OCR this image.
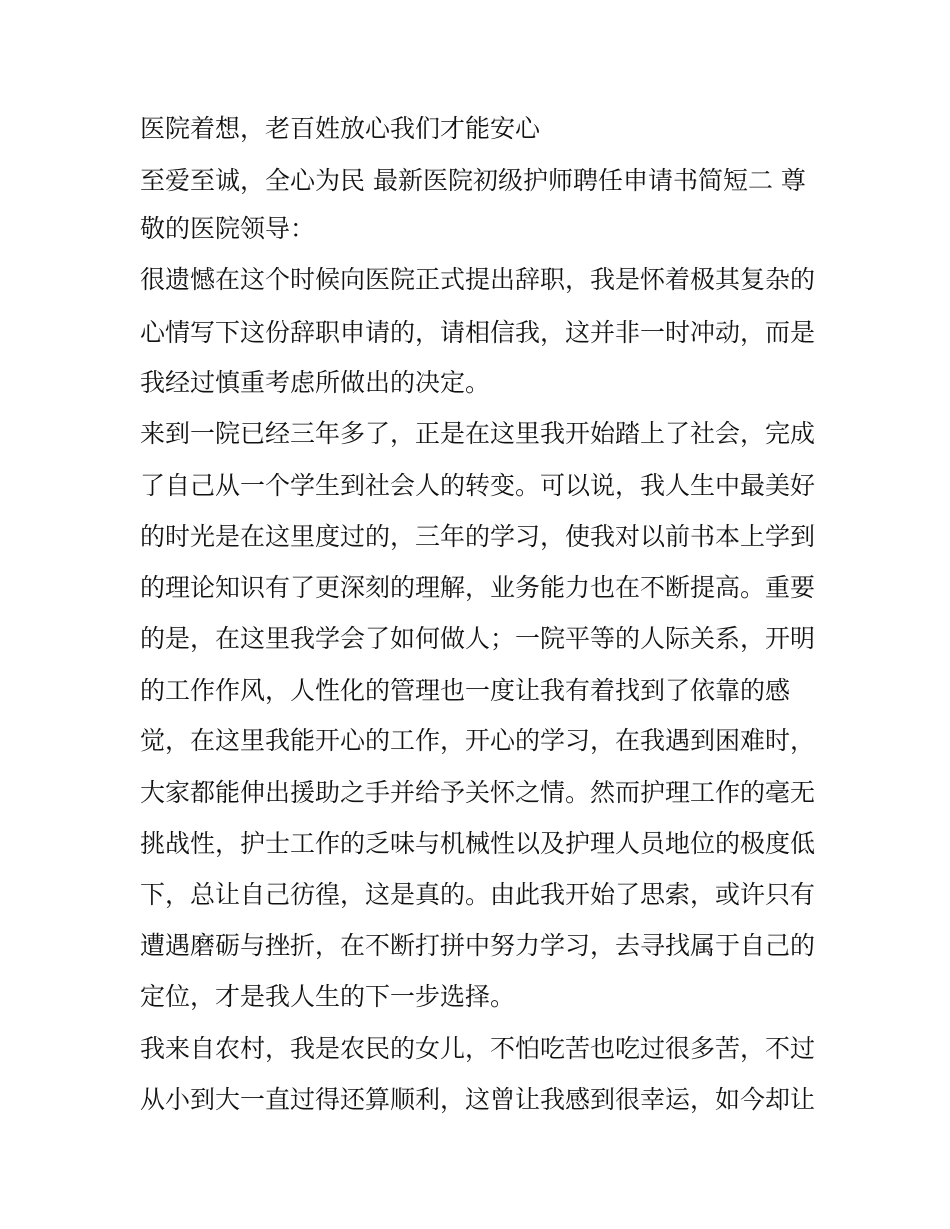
医院着想，老百姓放心我们才能安心
至爱至诚，全心为民 最新医院初级护师聘任申请书简短二 尊
敬的医院领导：
很遗憾在这个时候向医院正式提出辞职，我是怀着极其复杂的
心情写下这份辞职申请的，请相信我，这并非一时冲动，而是
我经过慎重考虑所做出的决定。
来到一院已经三年多了，正是在这里我开始踏上了社会，完成
了自己从一个学生到社会人的转变。可以说，我人生中最美好
的时光是在这里度过的，三年的学习，使我对以前书本上学到
的理论知识有了更深刻的理解，业务能力也在不断提高。重要
的是，在这里我学会了如何做人；一院平等的人际关系，开明
的工作作风，人性化的管理也一度让我有着找到了依靠的感
觉，在这里我能开心的工作，开心的学习，在我遇到困难时，
大家都能伸出援助之手并给予关怀之情。然而护理工作的毫无
挑战性，护士工作的乏味与机械性以及护理人员地位的极度低
下，总让自己彷徨，这是真的。由此我开始了思索，或许只有
遭遇磨砺与挫折，在不断打拼中努力学习，去寻找属于自己的
定位，才是我人生的下一步选择。
我来自农村，我是农民的女儿，不怕吃苦也吃过很多苦，不过
从小到大一直过得还算顺利，这曾让我感到很幸运，如今却让
